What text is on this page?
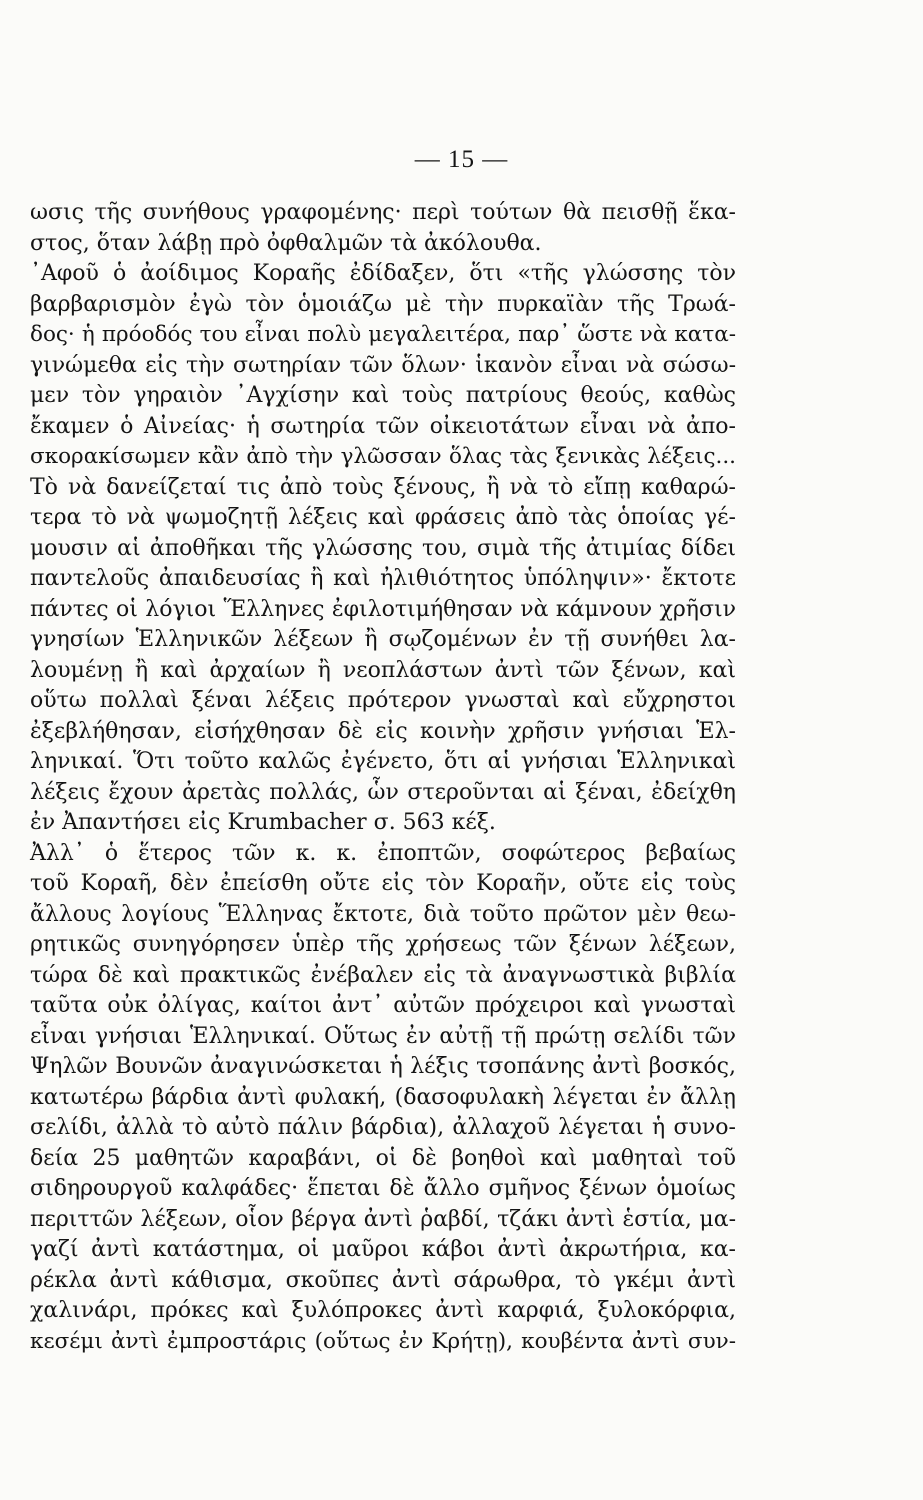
— 15 —
ωσις τῆς συνήθους γραφομένης· περὶ τούτων θὰ πεισθῇ ἕκα-
στος, ὅταν λάβῃ πρὸ ὀφθαλμῶν τὰ ἀκόλουθα.
᾿Αφοῦ ὁ ἀοίδιμος Κοραῆς ἐδίδαξεν, ὅτι «τῆς γλώσσης τὸν
βαρβαρισμὸν ἐγὼ τὸν ὁμοιάζω μὲ τὴν πυρκαϊὰν τῆς Τρωά-
δος· ἡ πρόοδός του εἶναι πολὺ μεγαλειτέρα, παρ᾿ ὥστε νὰ κατα-
γινώμεθα εἰς τὴν σωτηρίαν τῶν ὅλων· ἱκανὸν εἶναι νὰ σώσω-
μεν τὸν γηραιὸν ᾿Αγχίσην καὶ τοὺς πατρίους θεούς, καθὼς
ἔκαμεν ὁ Αἰνείας· ἡ σωτηρία τῶν οἰκειοτάτων εἶναι νὰ ἀπο-
σκορακίσωμεν κἂν ἀπὸ τὴν γλῶσσαν ὅλας τὰς ξενικὰς λέξεις...
Τὸ νὰ δανείζεταί τις ἀπὸ τοὺς ξένους, ἢ νὰ τὸ εἴπῃ καθαρώ-
τερα τὸ νὰ ψωμοζητῇ λέξεις καὶ φράσεις ἀπὸ τὰς ὁποίας γέ-
μουσιν αἱ ἀποθῆκαι τῆς γλώσσης του, σιμὰ τῆς ἀτιμίας δίδει
παντελοῦς ἀπαιδευσίας ἢ καὶ ἠλιθιότητος ὑπόληψιν»· ἔκτοτε
πάντες οἱ λόγιοι Ἕλληνες ἐφιλοτιμήθησαν νὰ κάμνουν χρῆσιν
γνησίων Ἑλληνικῶν λέξεων ἢ σῳζομένων ἐν τῇ συνήθει λα-
λουμένῃ ἢ καὶ ἀρχαίων ἢ νεοπλάστων ἀντὶ τῶν ξένων, καὶ
οὕτω πολλαὶ ξέναι λέξεις πρότερον γνωσταὶ καὶ εὔχρηστοι
ἐξεβλήθησαν, εἰσήχθησαν δὲ εἰς κοινὴν χρῆσιν γνήσιαι Ἑλ-
ληνικαί. Ὅτι τοῦτο καλῶς ἐγένετο, ὅτι αἱ γνήσιαι Ἑλληνικαὶ
λέξεις ἔχουν ἀρετὰς πολλάς, ὧν στεροῦνται αἱ ξέναι, ἐδείχθη
ἐν Ἀπαντήσει εἰς Krumbacher σ. 563 κέξ.
Ἀλλ᾿ ὁ ἕτερος τῶν κ. κ. ἐποπτῶν, σοφώτερος βεβαίως
τοῦ Κοραῆ, δὲν ἐπείσθη οὔτε εἰς τὸν Κοραῆν, οὔτε εἰς τοὺς
ἄλλους λογίους Ἕλληνας ἔκτοτε, διὰ τοῦτο πρῶτον μὲν θεω-
ρητικῶς συνηγόρησεν ὑπὲρ τῆς χρήσεως τῶν ξένων λέξεων,
τώρα δὲ καὶ πρακτικῶς ἐνέβαλεν εἰς τὰ ἀναγνωστικὰ βιβλία
ταῦτα οὐκ ὀλίγας, καίτοι ἀντ᾿ αὐτῶν πρόχειροι καὶ γνωσταὶ
εἶναι γνήσιαι Ἑλληνικαί. Οὕτως ἐν αὐτῇ τῇ πρώτῃ σελίδι τῶν
Ψηλῶν Βουνῶν ἀναγινώσκεται ἡ λέξις τσοπάνης ἀντὶ βοσκός,
κατωτέρω βάρδια ἀντὶ φυλακή, (δασοφυλακὴ λέγεται ἐν ἄλλῃ
σελίδι, ἀλλὰ τὸ αὐτὸ πάλιν βάρδια), ἀλλαχοῦ λέγεται ἡ συνο-
δεία 25 μαθητῶν καραβάνι, οἱ δὲ βοηθοὶ καὶ μαθηταὶ τοῦ
σιδηρουργοῦ καλφάδες· ἕπεται δὲ ἄλλο σμῆνος ξένων ὁμοίως
περιττῶν λέξεων, οἷον βέργα ἀντὶ ῥαβδί, τζάκι ἀντὶ ἑστία, μα-
γαζί ἀντὶ κατάστημα, οἱ μαῦροι κάβοι ἀντὶ ἀκρωτήρια, κα-
ρέκλα ἀντὶ κάθισμα, σκοῦπες ἀντὶ σάρωθρα, τὸ γκέμι ἀντὶ
χαλινάρι, πρόκες καὶ ξυλόπροκες ἀντὶ καρφιά, ξυλοκόρφια,
κεσέμι ἀντὶ ἐμπροστάρις (οὕτως ἐν Κρήτῃ), κουβέντα ἀντὶ συν-
